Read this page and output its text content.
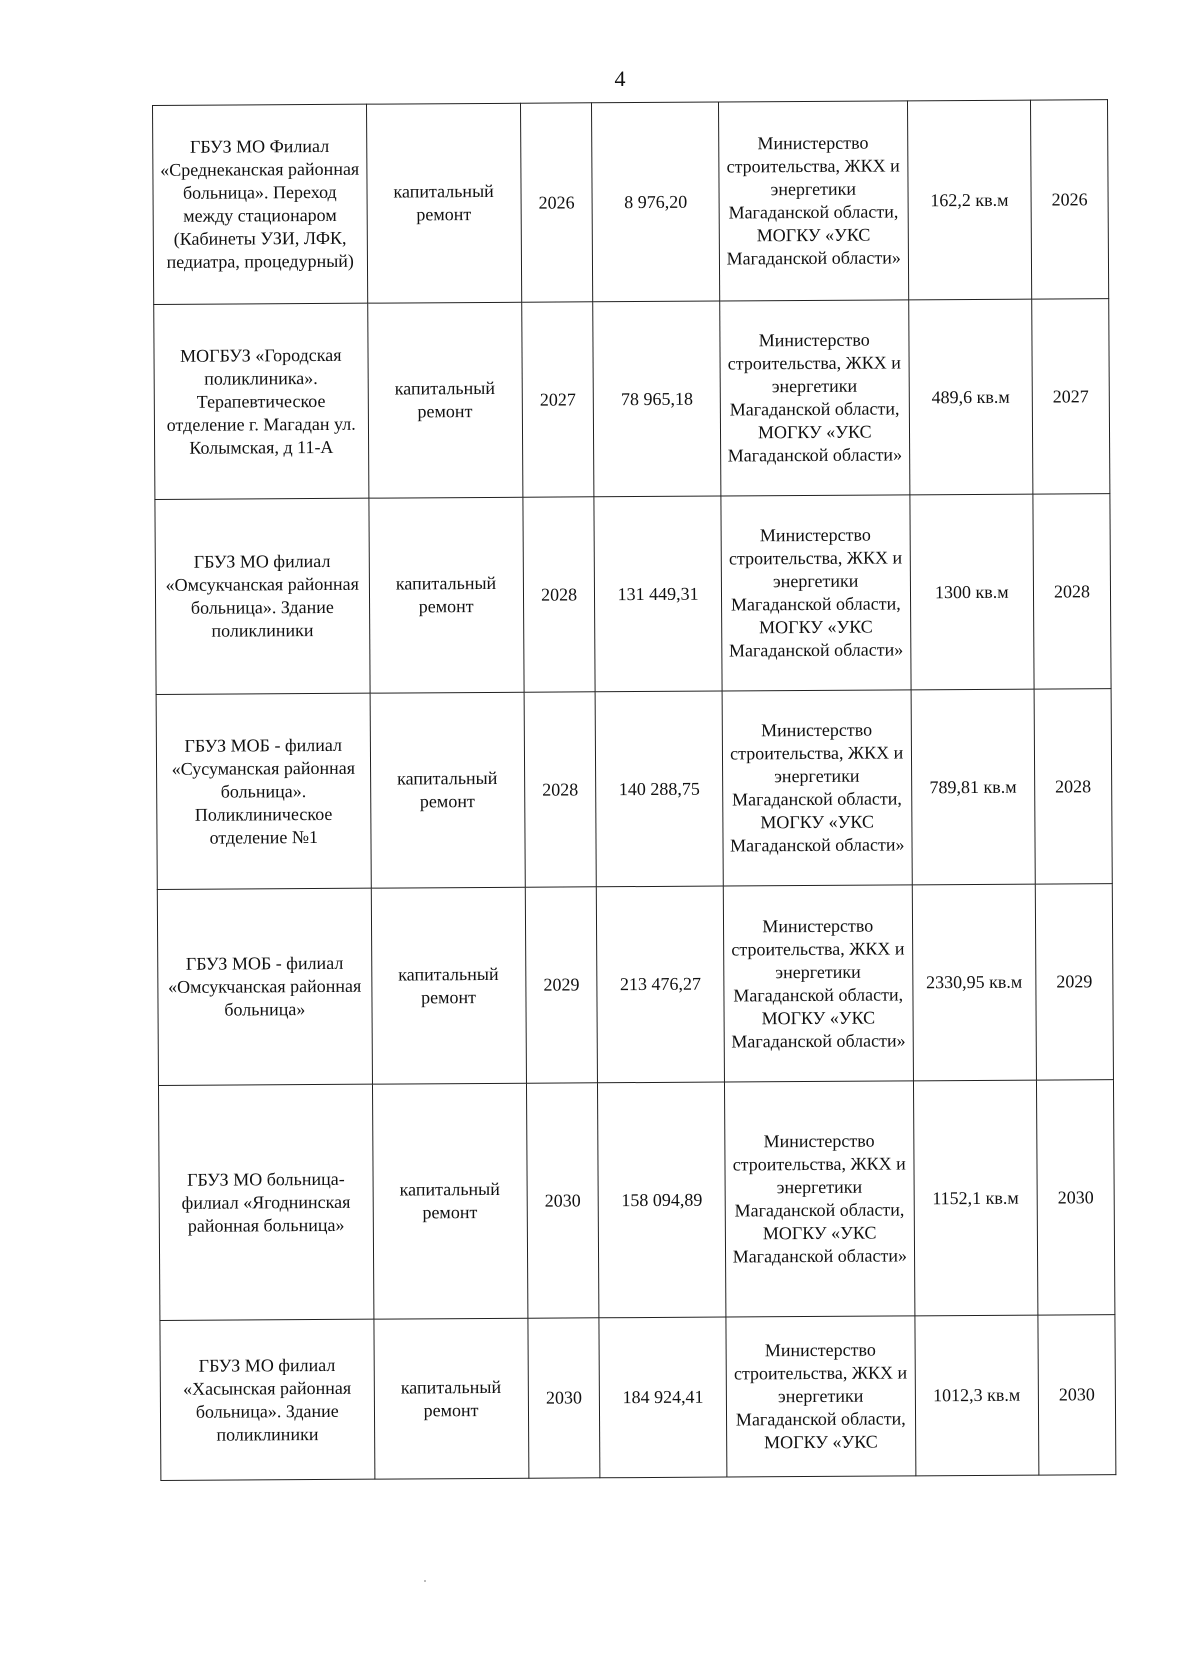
4
ГБУЗ МО Филиал «Среднеканская районная больница». Переход между стационаром (Кабинеты УЗИ, ЛФК, педиатра, процедурный)	капитальный ремонт	2026	8 976,20	Министерство строительства, ЖКХ и энергетики Магаданской области, МОГКУ «УКС Магаданской области»	162,2 кв.м	2026
МОГБУЗ «Городская поликлиника». Терапевтическое отделение г. Магадан ул. Колымская, д 11-А	капитальный ремонт	2027	78 965,18	Министерство строительства, ЖКХ и энергетики Магаданской области, МОГКУ «УКС Магаданской области»	489,6 кв.м	2027
ГБУЗ МО филиал «Омсукчанская районная больница». Здание поликлиники	капитальный ремонт	2028	131 449,31	Министерство строительства, ЖКХ и энергетики Магаданской области, МОГКУ «УКС Магаданской области»	1300 кв.м	2028
ГБУЗ МОБ - филиал «Сусуманская районная больница». Поликлиническое отделение №1	капитальный ремонт	2028	140 288,75	Министерство строительства, ЖКХ и энергетики Магаданской области, МОГКУ «УКС Магаданской области»	789,81 кв.м	2028
ГБУЗ МОБ - филиал «Омсукчанская районная больница»	капитальный ремонт	2029	213 476,27	Министерство строительства, ЖКХ и энергетики Магаданской области, МОГКУ «УКС Магаданской области»	2330,95 кв.м	2029
ГБУЗ МО больница-филиал «Ягоднинская районная больница»	капитальный ремонт	2030	158 094,89	Министерство строительства, ЖКХ и энергетики Магаданской области, МОГКУ «УКС Магаданской области»	1152,1 кв.м	2030
ГБУЗ МО филиал «Хасынская районная больница». Здание поликлиники	капитальный ремонт	2030	184 924,41	Министерство строительства, ЖКХ и энергетики Магаданской области, МОГКУ «УКС	1012,3 кв.м	2030
